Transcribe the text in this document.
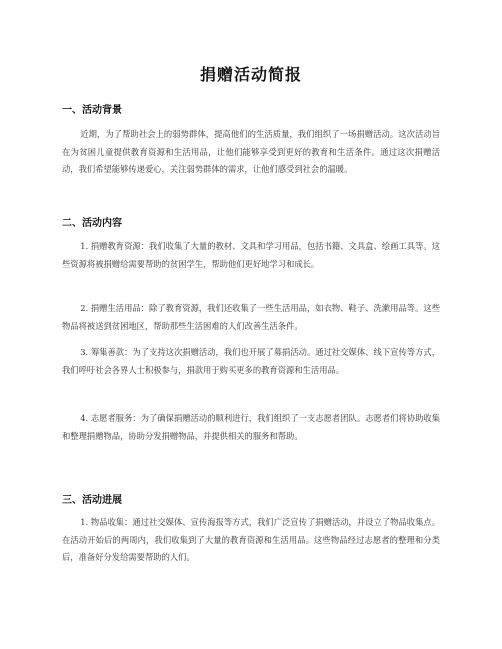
捐赠活动简报
一、活动背景
近期，为了帮助社会上的弱势群体，提高他们的生活质量，我们组织了一场捐赠活动。这次活动旨在为贫困儿童提供教育资源和生活用品，让他们能够享受到更好的教育和生活条件。通过这次捐赠活动，我们希望能够传递爱心，关注弱势群体的需求，让他们感受到社会的温暖。
二、活动内容
1. 捐赠教育资源：我们收集了大量的教材、文具和学习用品，包括书籍、文具盒、绘画工具等。这些资源将被捐赠给需要帮助的贫困学生，帮助他们更好地学习和成长。
2. 捐赠生活用品：除了教育资源，我们还收集了一些生活用品，如衣物、鞋子、洗漱用品等。这些物品将被送到贫困地区，帮助那些生活困难的人们改善生活条件。
3. 筹集善款：为了支持这次捐赠活动，我们也开展了募捐活动。通过社交媒体、线下宣传等方式，我们呼吁社会各界人士积极参与，捐款用于购买更多的教育资源和生活用品。
4. 志愿者服务：为了确保捐赠活动的顺利进行，我们组织了一支志愿者团队。志愿者们将协助收集和整理捐赠物品，协助分发捐赠物品，并提供相关的服务和帮助。
三、活动进展
1. 物品收集：通过社交媒体、宣传海报等方式，我们广泛宣传了捐赠活动，并设立了物品收集点。在活动开始后的两周内，我们收集到了大量的教育资源和生活用品。这些物品经过志愿者的整理和分类后，准备好分发给需要帮助的人们。
